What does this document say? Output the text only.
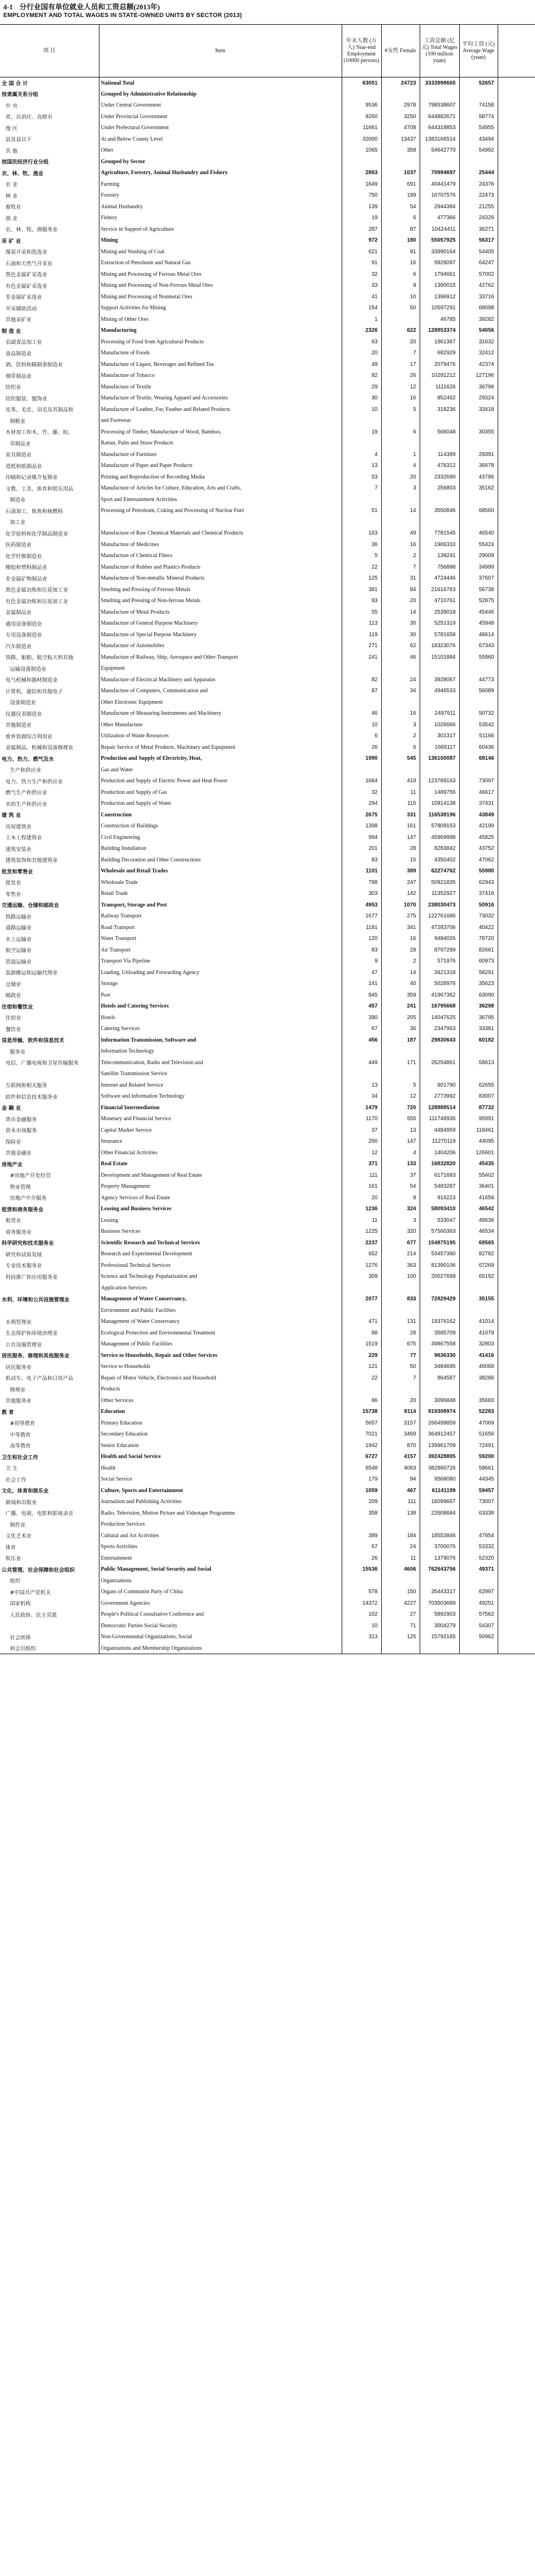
4-1 分行业国有单位就业人员和工资总额(2013年)
EMPLOYMENT AND TOTAL WAGES IN STATE-OWNED UNITS BY SECTOR (2013)
项 目	Item	年末人数 (万人) Year-end Employment (10000 persons)	#女性 Female	工资总额 (亿元) Total Wages (100 million yuan)	平均工资 (元) Average Wage (yuan)	
全 国 合 计	National Total	63051	24723	3333998665	52657	
按隶属关系分组	Grouped by Administrative Relationship					
中 央	Under Central Government	9536	2978	798538607	74158	
省、自治区、直辖市	Under Provincial Government	9260	3250	644882671	58774	
地 区	Under Prefectural Government	11661	4708	644318853	54955	
县及县以下	At and Below County Level	32000	13437	1383166514	43494	
其 他	Other	1065	358	54642770	54992	
按国民经济行业分组	Grouped by Sector					
农、林、牧、渔业	Agriculture, Forestry, Animal Husbandry and Fishery	2863	1037	70994697	25444	
农 业	Farming	1649	691	40441479	24376	
林 业	Forestry	750	199	16707576	22473	
畜牧业	Animal Husbandry	139	54	2944384	21255	
渔 业	Fishery	19	6	477366	24329	
农、林、牧、渔服务业	Service in Support of Agriculture	287	87	10424411	36271	
采 矿 业	Mining	972	180	55057925	56317	
煤炭开采和洗选业	Mining and Washing of Coal	621	91	33990164	54405	
石油和天然气开采业	Extraction of Petroleum and Natural Gas	91	16	5926097	64247	
黑色金属矿采选业	Mining and Processing of Ferrous Metal Ores	32	6	1794661	57002	
有色金属矿采选业	Mining and Processing of Non-Ferrous Metal Ores	33	8	1390015	42762	
非金属矿采选业	Mining and Processing of Nonmetal Ores	41	10	1396912	33716	
开采辅助活动	Support Activities for Mining	154	50	10597291	68098	
其他采矿业	Mining of Other Ores	1		46785	39282	
制 造 业	Manufacturing	2326	622	128853374	54056	
农副食品加工业	Processing of Food from Agricultural Products	63	20	1961367	31632	
食品制造业	Manufacture of Foods	20	7	682929	32412	
酒、饮料和精制茶制造业	Manufacture of Liquor, Beverages and Refined Tea	49	17	2079476	42374	
烟草制品业	Manufacture of Tobacco	82	26	10291212	127196	
纺织业	Manufacture of Textile	29	12	1111626	36796	
纺织服装、服饰业	Manufacture of Textile, Wearing Apparel and Accessories	30	16	852462	29324	
皮革、毛皮、羽毛及其制品和	Manufacture of Leather, Fur, Feather and Related Products	10	5	318236	33418	
制鞋业	and Footwear					
木材加工和木、竹、藤、棕、	Processing of Timber, Manufacture of Wood, Bamboo,	19	6	566048	30355	
草制品业	Rattan, Palm and Straw Products					
家具制造业	Manufacture of Furniture	4	1	114389	29391	
造纸和纸制品业	Manufacture of Paper and Paper Products	13	4	476312	36678	
印刷和记录媒介复制业	Printing and Reproduction of Recording Media	53	20	2332690	43786	
文教、工美、体育和娱乐用品	Manufacture of Articles for Culture, Education, Arts and Crafts,	7	3	256803	35162	
制造业	Sport and Entertainment Activities					
石油加工、炼焦和核燃料	Processing of Petroleum, Coking and Processing of Nuclear Fuel	51	14	3550846	68560	
加工业						
化学原料和化学制品制造业	Manufacture of Raw Chemical Materials and Chemical Products	163	49	7781545	46540	
医药制造业	Manufacture of Medicines	36	16	1906310	55424	
化学纤维制造业	Manufacture of Chemical Fibers	5	2	139241	29009	
橡胶和塑料制品业	Manufacture of Rubber and Plastics Products	22	7	756898	34999	
非金属矿物制品业	Manufacture of Non-metallic Mineral Products	125	31	4724446	37607	
黑色金属冶炼和压延加工业	Smelting and Pressing of Ferrous Metals	381	84	21616763	56738	
有色金属冶炼和压延加工业	Smelting and Pressing of Non-ferrous Metals	93	20	4710761	52875	
金属制品业	Manufacture of Metal Products	55	14	2539018	45446	
通用设备制造业	Manufacture of General Purpose Machinery	113	30	5251319	45948	
专用设备制造业	Manufacture of Special Purpose Machinery	119	30	5781658	48614	
汽车制造业	Manufacture of Automobiles	271	62	18323076	67343	
铁路、船舶、航空航天和其他	Manufacture of Railway, Ship, Aerospace and Other Transport	241	46	15101884	55960	
运输设备制造业	Equipment					
电气机械和器材制造业	Manufacture of Electrical Machinery and Apparatus	82	24	3928067	44773	
计算机、通信和其他电子	Manufacture of Computers, Communication and	87	34	4946533	56089	
设备制造业	Other Electronic Equipment					
仪器仪表制造业	Manufacture of Measuring Instruments and Machinery	46	16	2497911	50732	
其他制造业	Other Manufacture	10	3	1026666	53542	
废弃资源综合利用业	Utilization of Waste Resources	6	2	301317	51166	
金属制品、机械和设备修理业	Repair Service of Metal Products, Machinery and Equipment	26	6	1665117	60436	
电力、热力、燃气及水	Production and Supply of Electricity, Heat,	1990	545	136100087	68146	
生产和供应业	Gas and Water					
电力、热力生产和供应业	Production and Supply of Electric Power and Heat Power	1684	419	123789163	73097	
燃气生产和供应业	Production and Supply of Gas	32	11	1489756	46617	
水的生产和供应业	Production and Supply of Water	294	115	10914138	37431	
建 筑 业	Construction	2675	331	116538196	43849	
房屋建筑业	Construction of Buildings	1398	161	57809153	42199	
土木工程建筑业	Civil Engineering	994	147	45969998	45825	
建筑安装业	Building Installation	201	28	8283842	43752	
建筑装饰和其他建筑业	Building Decoration and Other Constructions	83	15	4350402	47062	
批发和零售业	Wholesale and Retail Trades	1101	389	62274762	55980	
批发业	Wholesale Trade	798	247	50921835	62943	
零售业	Retail Trade	303	142	11352927	37416	
交通运输、仓储和邮政业	Transport, Storage and Post	4953	1070	238030473	50916	
铁路运输业	Railway Transport	1677	275	122761686	73032	
道路运输业	Road Transport	1181	341	47283706	40422	
水上运输业	Water Transport	120	16	9484026	78720	
航空运输业	Air Transport	83	28	8797299	82661	
管道运输业	Transport Via Pipeline	9	2	571976	60973	
装卸搬运和运输代理业	Loading, Unloading and Forwarding Agency	47	14	3421318	58291	
仓储业	Storage	141	40	5028976	35623	
邮政业	Post	845	359	41967362	63090	
住宿和餐饮业	Hotels and Catering Services	457	241	16795668	36298	
住宿业	Hotels	390	205	14047625	36795	
餐饮业	Catering Services	67	36	2347963	33381	
信息传输、软件和信息技术	Information Transmission, Software and	456	187	29830643	60182	
服务业	Information Technology					
电信、广播电视和卫星传输服务	Telecommunication, Radio and Television and	449	171	26254861	58613	
	Satellite Transmission Service					
互联网和相关服务	Internet and Related Service	13	5	801790	62655	
软件和信息技术服务业	Software and Information Technology	34	12	2773992	83007	
金 融 业	Financial Intermediation	1479	720	128888514	87732	
货币金融服务	Monetary and Financial Service	1170	555	111748936	95991	
资本市场服务	Capital Market Service	37	13	4484959	118461	
保险业	Insurance	260	147	11270119	44095	
其他金融业	Other Financial Activities	12	4	1404206	126601	
房地产业	Real Estate	371	133	16832820	45435	
#房地产开发经营	Development and Management of Real Estate	111	37	6171683	55402	
物业管理	Property Management	161	54	5483287	36401	
房地产中介服务	Agency Services of Real Estate	20	8	916223	41656	
租赁和商务服务业	Leasing and Business Services	1236	324	58093410	46542	
租赁业	Leasing	11	3	533047	48636	
商务服务业	Business Services	1225	320	57560363	46534	
科学研究和技术服务业	Scientific Research and Technical Services	2237	677	154875195	69565	
研究和试验发展	Research and Experimental Development	652	214	53457390	82782	
专业技术服务业	Professional Technical Services	1276	363	81390106	67269	
科技推广和应用服务业	Science and Technology Popularization and	309	100	20027699	65192	
	Application Services					
水利、环境和公共设施管理业	Management of Water Conservancy,	2077	833	72829429	35155	
	Environment and Public Facilities					
水利管理业	Management of Water Conservancy	471	131	19376162	41014	
生态保护和环境治理业	Ecological Protection and Environmental Treatment	88	28	3585709	41079	
公共设施管理业	Management of Public Facilities	1519	675	49867558	32803	
居民服务、修理和其他服务业	Service to Households, Repair and Other Services	229	77	9636330	41416	
居民服务业	Service to Households	121	50	3484695	46068	
机动车、电子产品和日用产品	Repair of Motor Vehicle, Electronics and Household	22	7	864587	38286	
修理业	Products					
其他服务业	Other Services	86	20	3096848	35683	
教 育	Education	15738	8114	819308974	52283	
#初等教育	Primary Education	5657	3157	266499859	47069	
中等教育	Secondary Education	7021	3469	364912457	51656	
高等教育	Senior Education	1942	870	139961709	72491	
卫生和社会工作	Health and Social Service	6727	4157	392428805	59200	
卫 生	Health	6548	4063	382860726	59661	
社会工作	Social Service	179	94	9568080	44345	
文化、体育和娱乐业	Culture, Sports and Entertainment	1059	467	61141199	59457	
新闻和出版业	Journalism and Publishing Activities	209	111	16099667	73007	
广播、电视、电影和影视录音	Radio, Television, Motion Picture and Videotape Programme	358	138	22608684	63338	
制作业	Production Services					
文化艺术业	Cultural and Art Activities	389	184	18553846	47954	
体育	Sports Activities	67	24	3700076	53332	
娱乐业	Entertainment	26	11	1379076	52320	
公共管理、社会保障和社会组织	Public Management, Social Security and Social	15536	4606	762643756	49371	
组织	Organizations					
#中国共产党机关	Organs of Communist Party of China	578	150	35443317	62997	
国家机构	Government Agencies	14372	4227	703503689	49251	
人民政协、民主党派	People's Political Consultative Conference and	102	27	5892903	57562	
	Democratic Parties Social Security	10	71	3004279	54307	
社会团体	Non-Governmental Organizations, Social	313	125	15792165	50962	
和会员组织	Organizations and Membership Organizations					
